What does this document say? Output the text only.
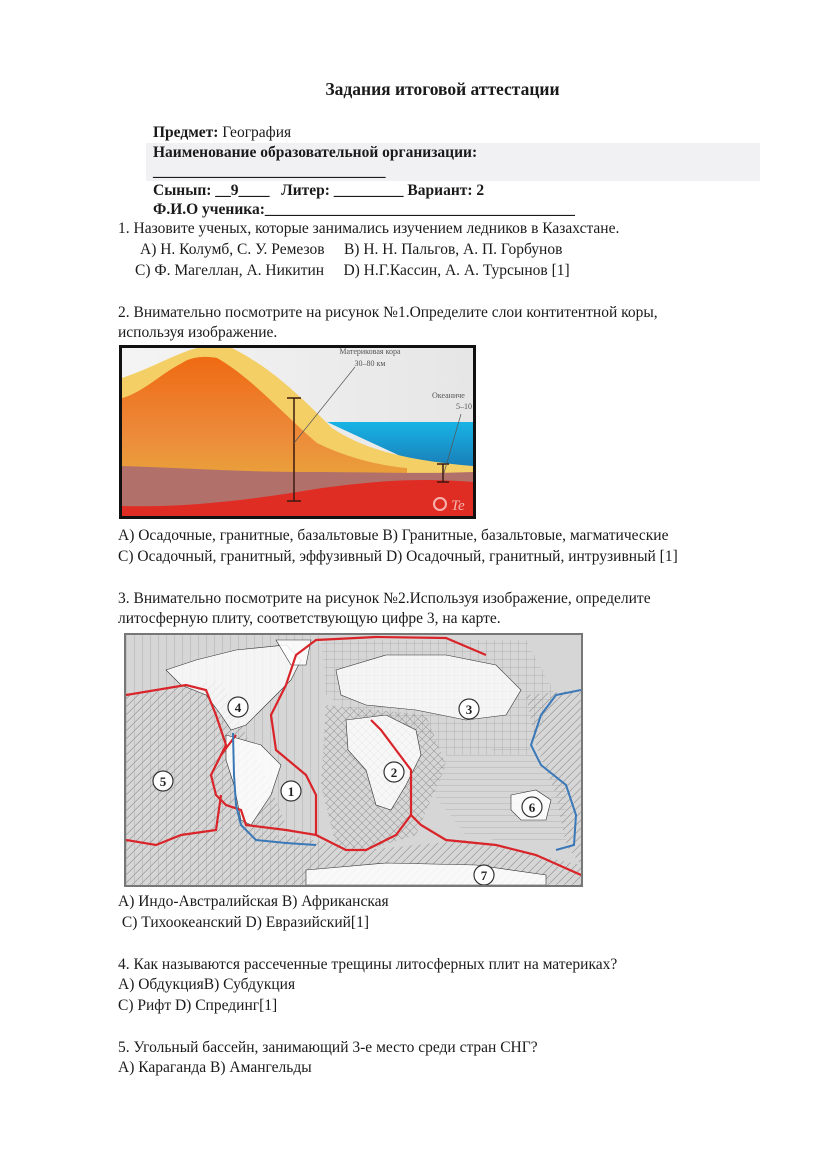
Задания итоговой аттестации
Предмет: География
Наименование образовательной организации:
______________________________
Сынып: __9____   Литер: _________ Вариант: 2
Ф.И.О ученика:________________________________________
1. Назовите ученых, которые занимались изучением ледников в Казахстане.
А) Н. Колумб, С. У. Ремезов     В) Н. Н. Пальгов, А. П. Горбунов
С) Ф. Магеллан, А. Никитин     D) Н.Г.Кассин, А. А. Турсынов [1]
2. Внимательно посмотрите на рисунок №1.Определите слои контитентной коры,
используя изображение.
Материковая кора
30–80 км
Океаниче
5–10
Te
А) Осадочные, гранитные, базальтовые В) Гранитные, базальтовые, магматические
С) Осадочный, гранитный, эффузивный D) Осадочный, гранитный, интрузивный [1]
3. Внимательно посмотрите на рисунок №2.Используя изображение, определите
литосферную плиту, соответствующую цифре 3, на карте.
1
2
3
4
5
6
7
А) Индо-Австралийская В) Африканская
С) Тихоокеанский D) Евразийский[1]
4. Как называются рассеченные трещины литосферных плит на материках?
А) ОбдукцияВ) Субдукция
С) Рифт D) Спрединг[1]
5. Угольный бассейн, занимающий 3-е место среди стран СНГ?
А) Караганда В) Амангельды
